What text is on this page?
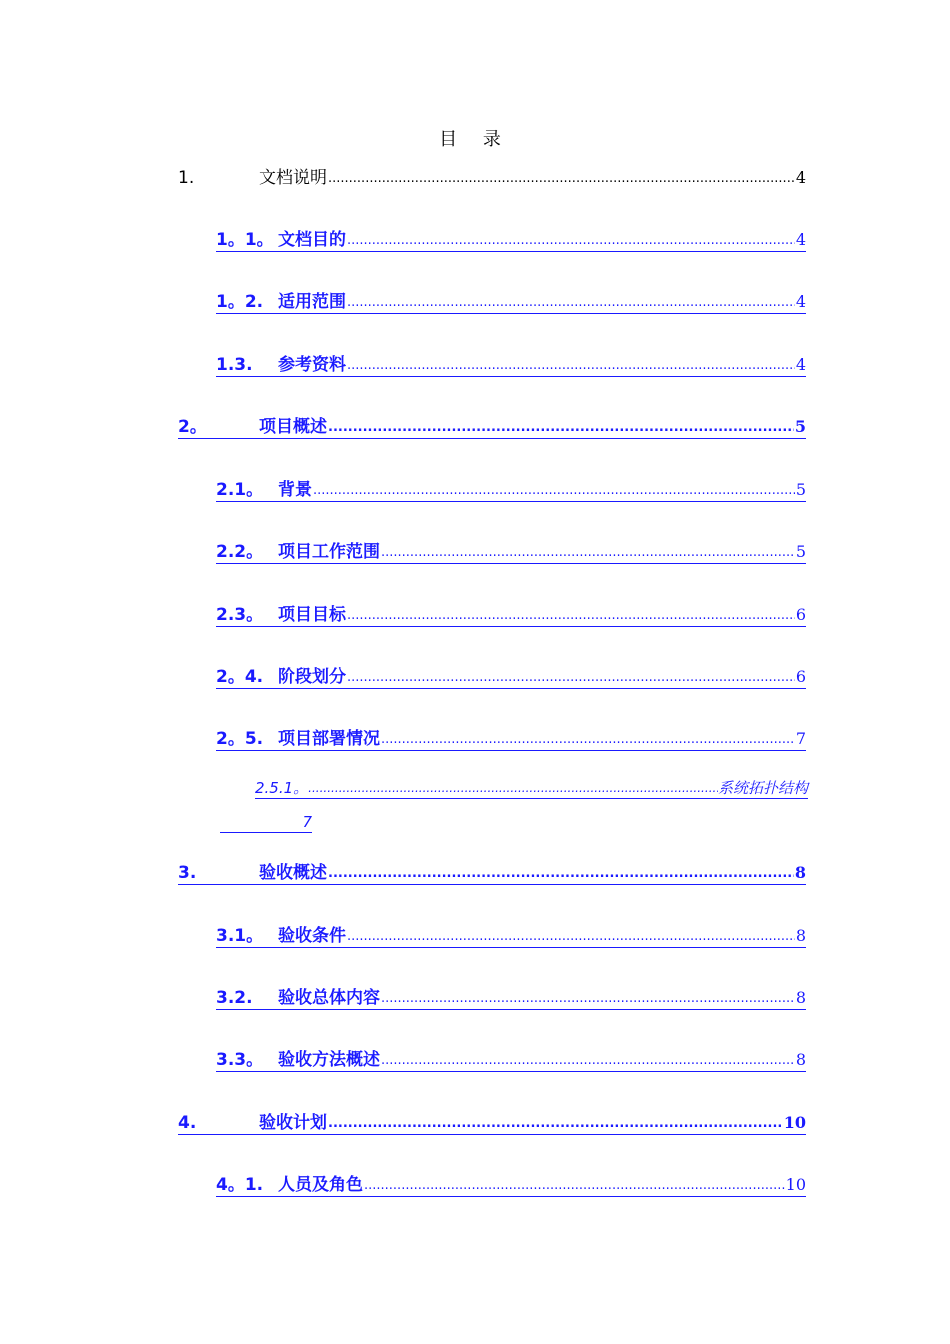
目 录
1.	文档说明 .....	4
1。1。 文档目的 .....	4
1。2. 适用范围 .....	4
1.3.	参考资料 .....	4
2。	项目概述 .....	5
2.1。 背景 .....	5
2.2。 项目工作范围 .....	5
2.3。 项目目标 .....	6
2。4. 阶段划分 .....	6
2。5. 项目部署情况 .....	7
2.5.1。 .....	系统拓扑结构
7
3.	验收概述 .....	8
3.1。 验收条件 .....	8
3.2.	验收总体内容 .....	8
3.3。 验收方法概述 .....	8
4.	验收计划 .....	10
4。1. 人员及角色 .....	10
